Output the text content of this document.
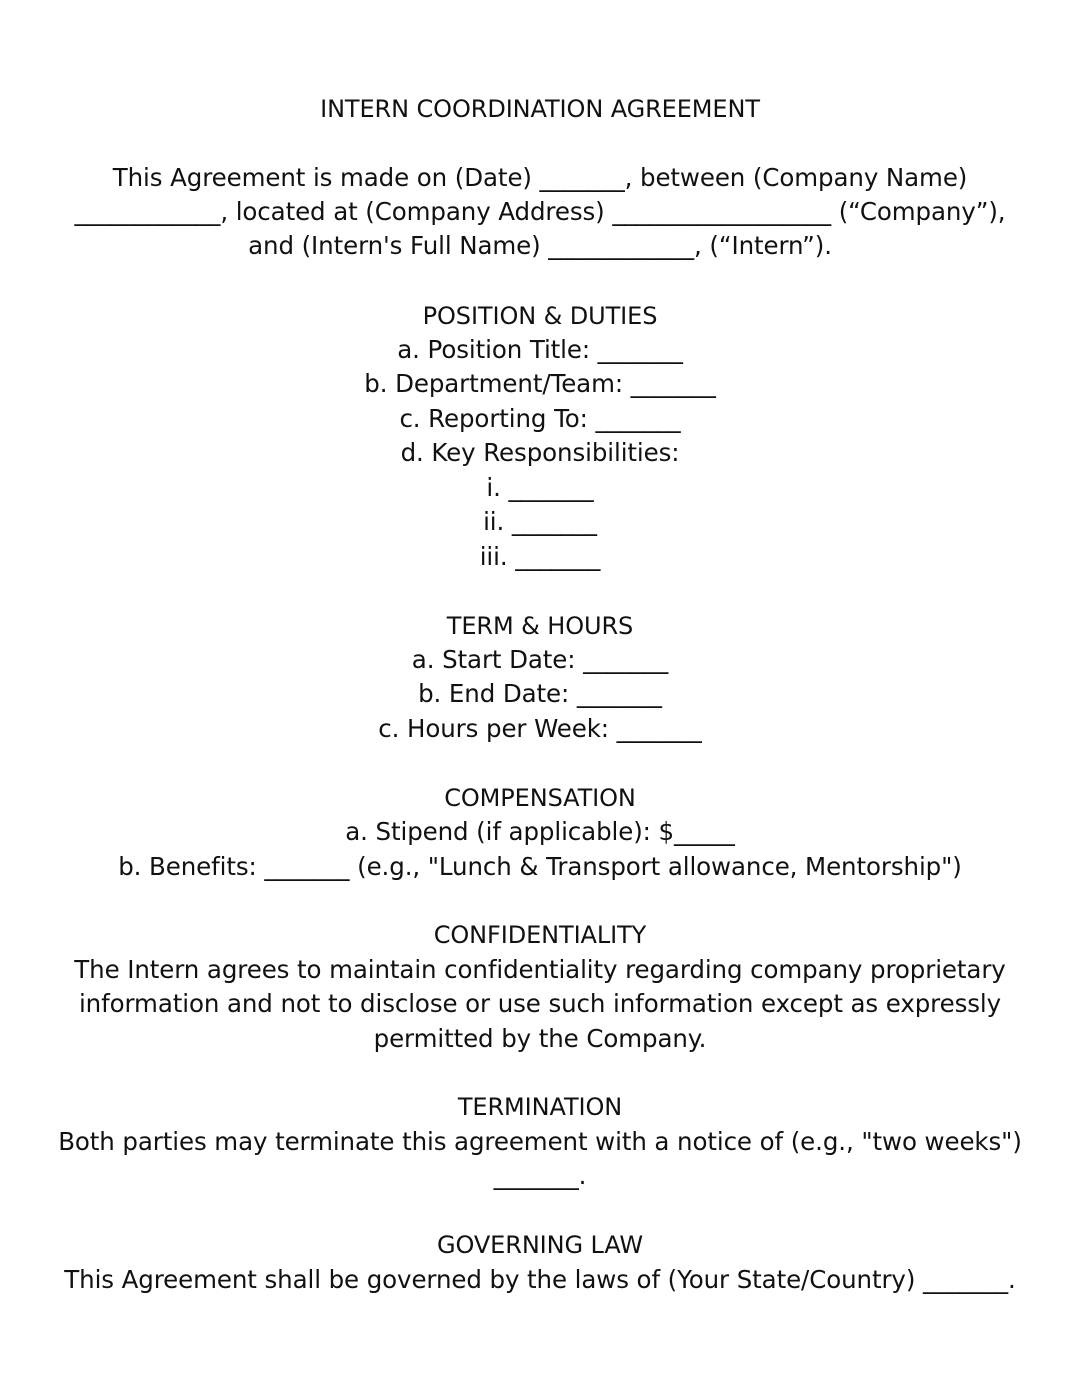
INTERN COORDINATION AGREEMENT
This Agreement is made on (Date) _______, between (Company Name)
____________, located at (Company Address) __________________ (“Company”),
and (Intern's Full Name) ____________, (“Intern”).
POSITION & DUTIES
a. Position Title: _______
b. Department/Team: _______
c. Reporting To: _______
d. Key Responsibilities:
i. _______
ii. _______
iii. _______
TERM & HOURS
a. Start Date: _______
b. End Date: _______
c. Hours per Week: _______
COMPENSATION
a. Stipend (if applicable): $_____
b. Benefits: _______ (e.g., "Lunch & Transport allowance, Mentorship")
CONFIDENTIALITY
The Intern agrees to maintain confidentiality regarding company proprietary
information and not to disclose or use such information except as expressly
permitted by the Company.
TERMINATION
Both parties may terminate this agreement with a notice of (e.g., "two weeks")
_______.
GOVERNING LAW
This Agreement shall be governed by the laws of (Your State/Country) _______.
